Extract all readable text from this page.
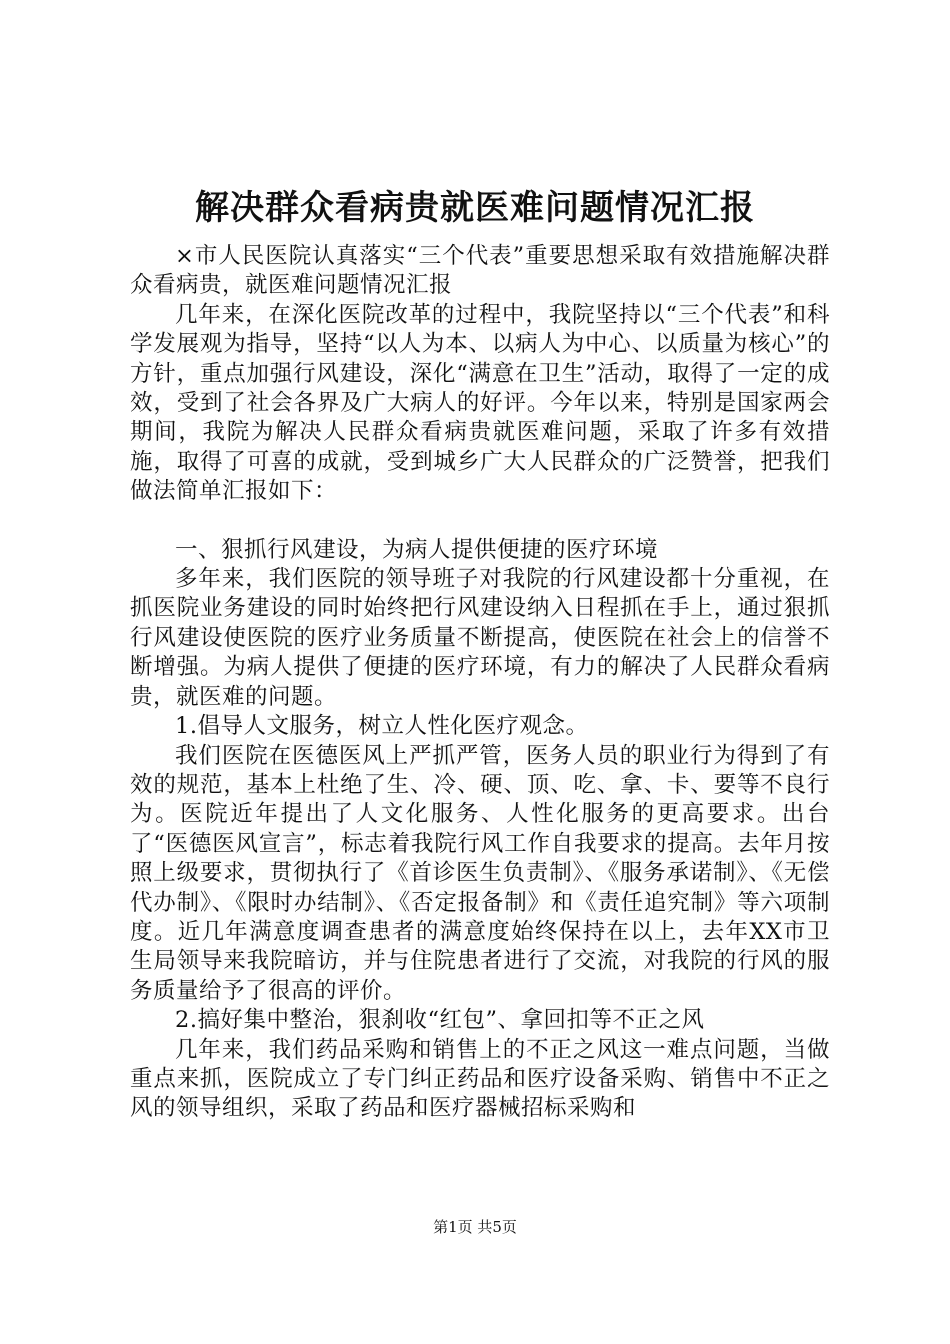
解决群众看病贵就医难问题情况汇报

×市人民医院认真落实“三个代表”重要思想采取有效措施解决群众看病贵，就医难问题情况汇报

几年来，在深化医院改革的过程中，我院坚持以“三个代表”和科学发展观为指导，坚持“以人为本、以病人为中心、以质量为核心”的方针，重点加强行风建设，深化“满意在卫生”活动，取得了一定的成效，受到了社会各界及广大病人的好评。今年以来，特别是国家两会期间，我院为解决人民群众看病贵就医难问题，采取了许多有效措施，取得了可喜的成就，受到城乡广大人民群众的广泛赞誉，把我们做法简单汇报如下：

一、狠抓行风建设，为病人提供便捷的医疗环境

多年来，我们医院的领导班子对我院的行风建设都十分重视，在抓医院业务建设的同时始终把行风建设纳入日程抓在手上，通过狠抓行风建设使医院的医疗业务质量不断提高，使医院在社会上的信誉不断增强。为病人提供了便捷的医疗环境，有力的解决了人民群众看病贵，就医难的问题。

1.倡导人文服务，树立人性化医疗观念。

我们医院在医德医风上严抓严管，医务人员的职业行为得到了有效的规范，基本上杜绝了生、冷、硬、顶、吃、拿、卡、要等不良行为。医院近年提出了人文化服务、人性化服务的更高要求。出台了“医德医风宣言”，标志着我院行风工作自我要求的提高。去年月按照上级要求，贯彻执行了《首诊医生负责制》、《服务承诺制》、《无偿代办制》、《限时办结制》、《否定报备制》和《责任追究制》等六项制度。近几年满意度调查患者的满意度始终保持在以上，去年XX市卫生局领导来我院暗访，并与住院患者进行了交流，对我院的行风的服务质量给予了很高的评价。

2.搞好集中整治，狠刹收“红包”、拿回扣等不正之风

几年来，我们药品采购和销售上的不正之风这一难点问题，当做重点来抓，医院成立了专门纠正药品和医疗设备采购、销售中不正之风的领导组织，采取了药品和医疗器械招标采购和

第1页 共5页
